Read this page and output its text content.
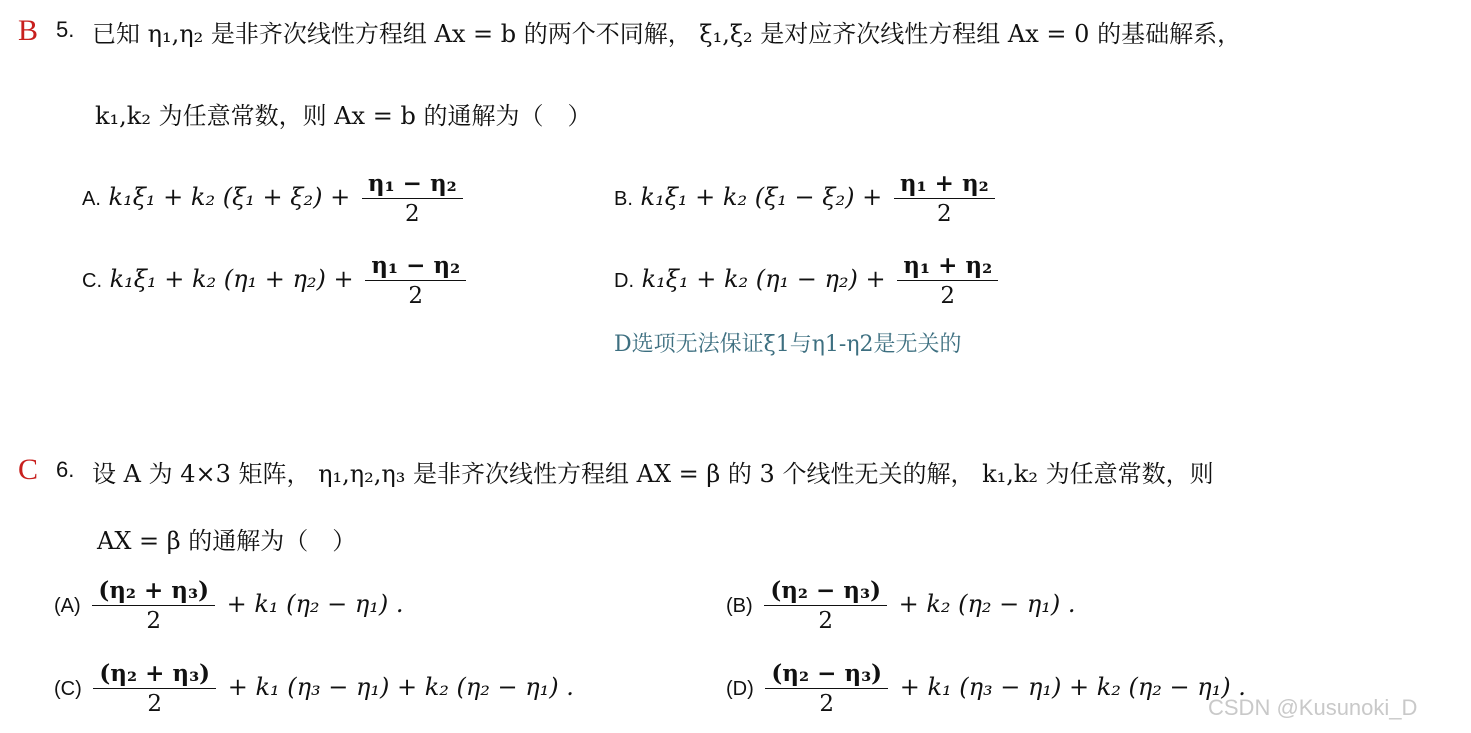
B 5. 已知 η₁,η₂ 是非齐次线性方程组 Ax = b 的两个不同解， ξ₁,ξ₂ 是对应齐次线性方程组 Ax = 0 的基础解系，
k₁,k₂ 为任意常数，则 Ax = b 的通解为（　）
A. k₁ξ₁ + k₂ $(\xi_1 + \xi_2) + \frac{\text{η₁ − η₂}}{2}$	B. k₁ξ₁ + k₂ $(\xi_1 - \xi_2) + \frac{\text{η₁ + η₂}}{2}$
C. k₁ξ₁ + k₂ $(\eta_1 + \eta_2) + \frac{\text{η₁ − η₂}}{2}$	D. k₁ξ₁ + k₂ $(\eta_1 - \eta_2) + \frac{\text{η₁ + η₂}}{2}$
D选项无法保证ξ1与η1-η2是无关的
C 6. 设 A 为 4×3 矩阵， η₁,η₂,η₃ 是非齐次线性方程组 AX = β 的 3 个线性无关的解， k₁,k₂ 为任意常数，则
AX = β 的通解为（　）
$(A) \frac{\text{(η₂ + η₃)}}{2} + k_1$ (η₂ − η₁) .	$(B) \frac{\text{(η₂ − η₃)}}{2} + k_2$ (η₂ − η₁) .
$(C) \frac{\text{(η₂ + η₃)}}{2} + k_1$ (η₃ − η₁) + k₂ (η₂ − η₁) .	$(D) \frac{\text{(η₂ − η₃)}}{2} + k_1$ (η₃ − η₁) + k₂ (η₂ − η₁) .
CSDN @Kusunoki_D
